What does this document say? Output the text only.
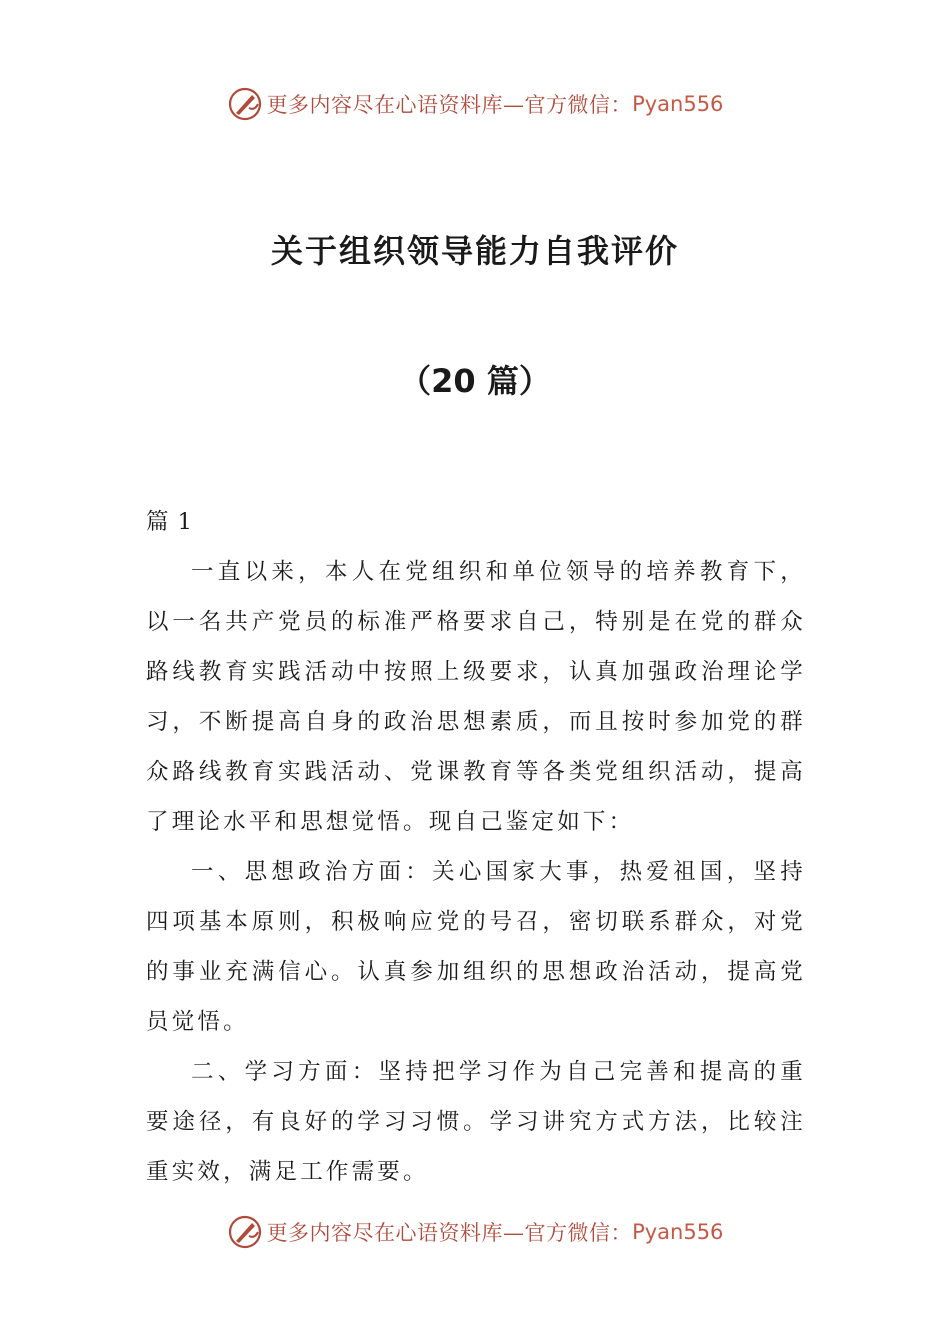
更多内容尽在心语资料库—官方微信： Pyan556
关于组织领导能力自我评价
（20 篇）

篇 1

一直以来，本人在党组织和单位领导的培养教育下，以一名共产党员的标准严格要求自己，特别是在党的群众路线教育实践活动中按照上级要求，认真加强政治理论学习，不断提高自身的政治思想素质，而且按时参加党的群众路线教育实践活动、党课教育等各类党组织活动，提高了理论水平和思想觉悟。现自己鉴定如下：

一、思想政治方面：关心国家大事，热爱祖国，坚持四项基本原则，积极响应党的号召，密切联系群众，对党的事业充满信心。认真参加组织的思想政治活动，提高党员觉悟。

二、学习方面：坚持把学习作为自己完善和提高的重要途径，有良好的学习习惯。学习讲究方式方法，比较注重实效，满足工作需要。

更多内容尽在心语资料库—官方微信： Pyan556
